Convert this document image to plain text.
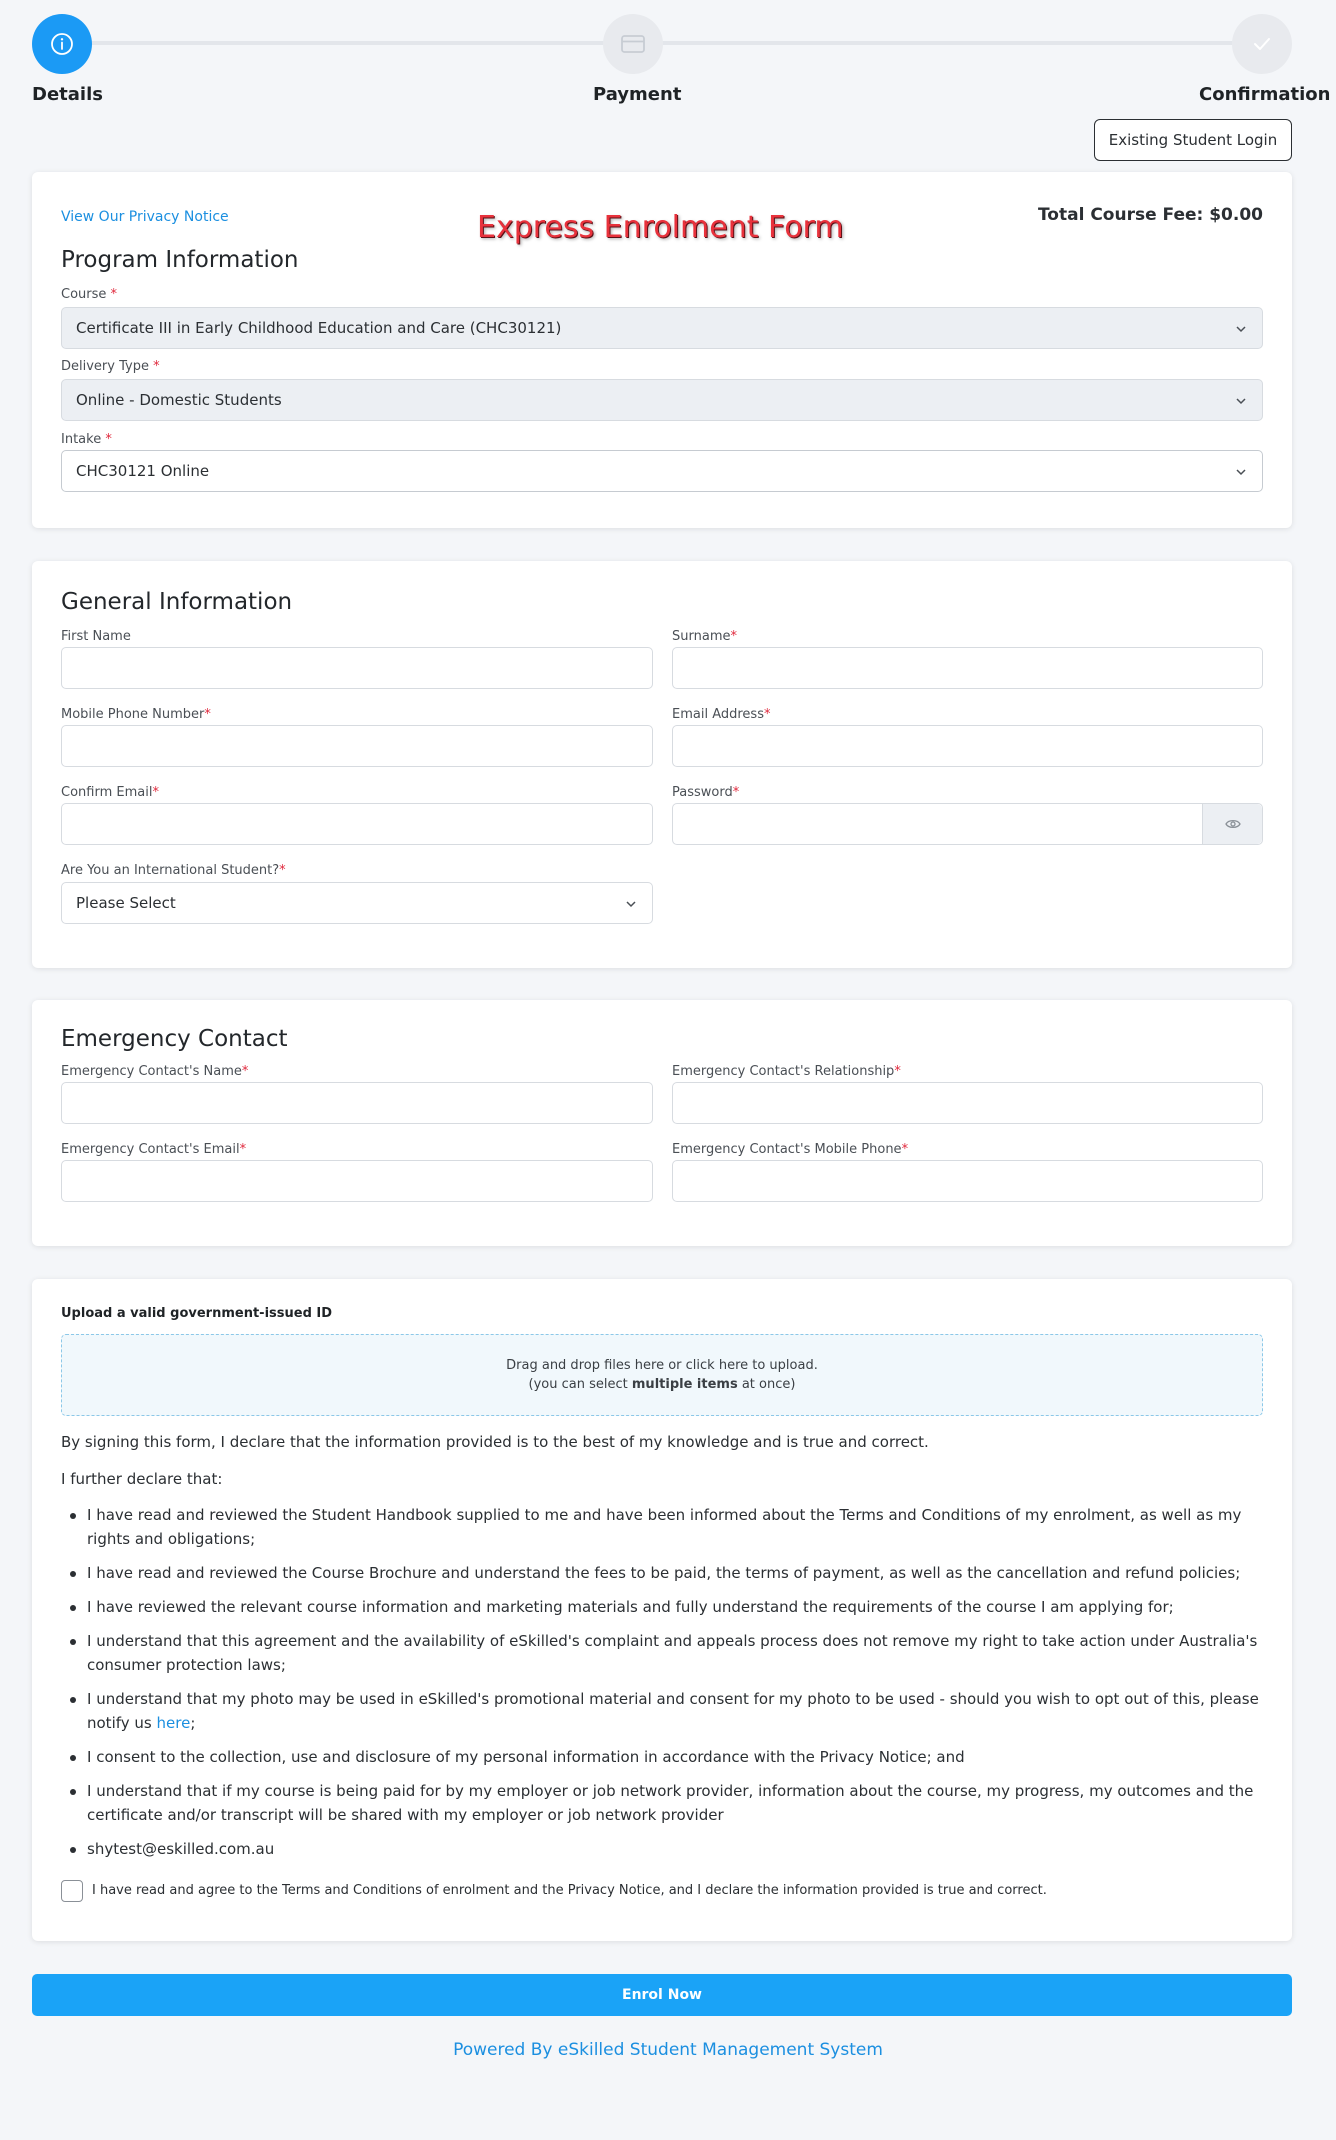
Details	Payment	Confirmation
Existing Student Login
View Our Privacy Notice	Express Enrolment Form	Total Course Fee: $0.00
Program Information
Course *
Certificate III in Early Childhood Education and Care (CHC30121)
Delivery Type *
Online - Domestic Students
Intake *
CHC30121 Online
General Information
First Name	Surname*
Mobile Phone Number*	Email Address*
Confirm Email*	Password*
Are You an International Student?*
Please Select
Emergency Contact
Emergency Contact's Name*	Emergency Contact's Relationship*
Emergency Contact's Email*	Emergency Contact's Mobile Phone*
Upload a valid government-issued ID
Drag and drop files here or click here to upload.
(you can select multiple items at once)
By signing this form, I declare that the information provided is to the best of my knowledge and is true and correct.
I further declare that:
I have read and reviewed the Student Handbook supplied to me and have been informed about the Terms and Conditions of my enrolment, as well as my rights and obligations;
I have read and reviewed the Course Brochure and understand the fees to be paid, the terms of payment, as well as the cancellation and refund policies;
I have reviewed the relevant course information and marketing materials and fully understand the requirements of the course I am applying for;
I understand that this agreement and the availability of eSkilled's complaint and appeals process does not remove my right to take action under Australia's consumer protection laws;
I understand that my photo may be used in eSkilled's promotional material and consent for my photo to be used - should you wish to opt out of this, please notify us here;
I consent to the collection, use and disclosure of my personal information in accordance with the Privacy Notice; and
I understand that if my course is being paid for by my employer or job network provider, information about the course, my progress, my outcomes and the certificate and/or transcript will be shared with my employer or job network provider
shytest@eskilled.com.au
I have read and agree to the Terms and Conditions of enrolment and the Privacy Notice, and I declare the information provided is true and correct.
Enrol Now
Powered By eSkilled Student Management System
